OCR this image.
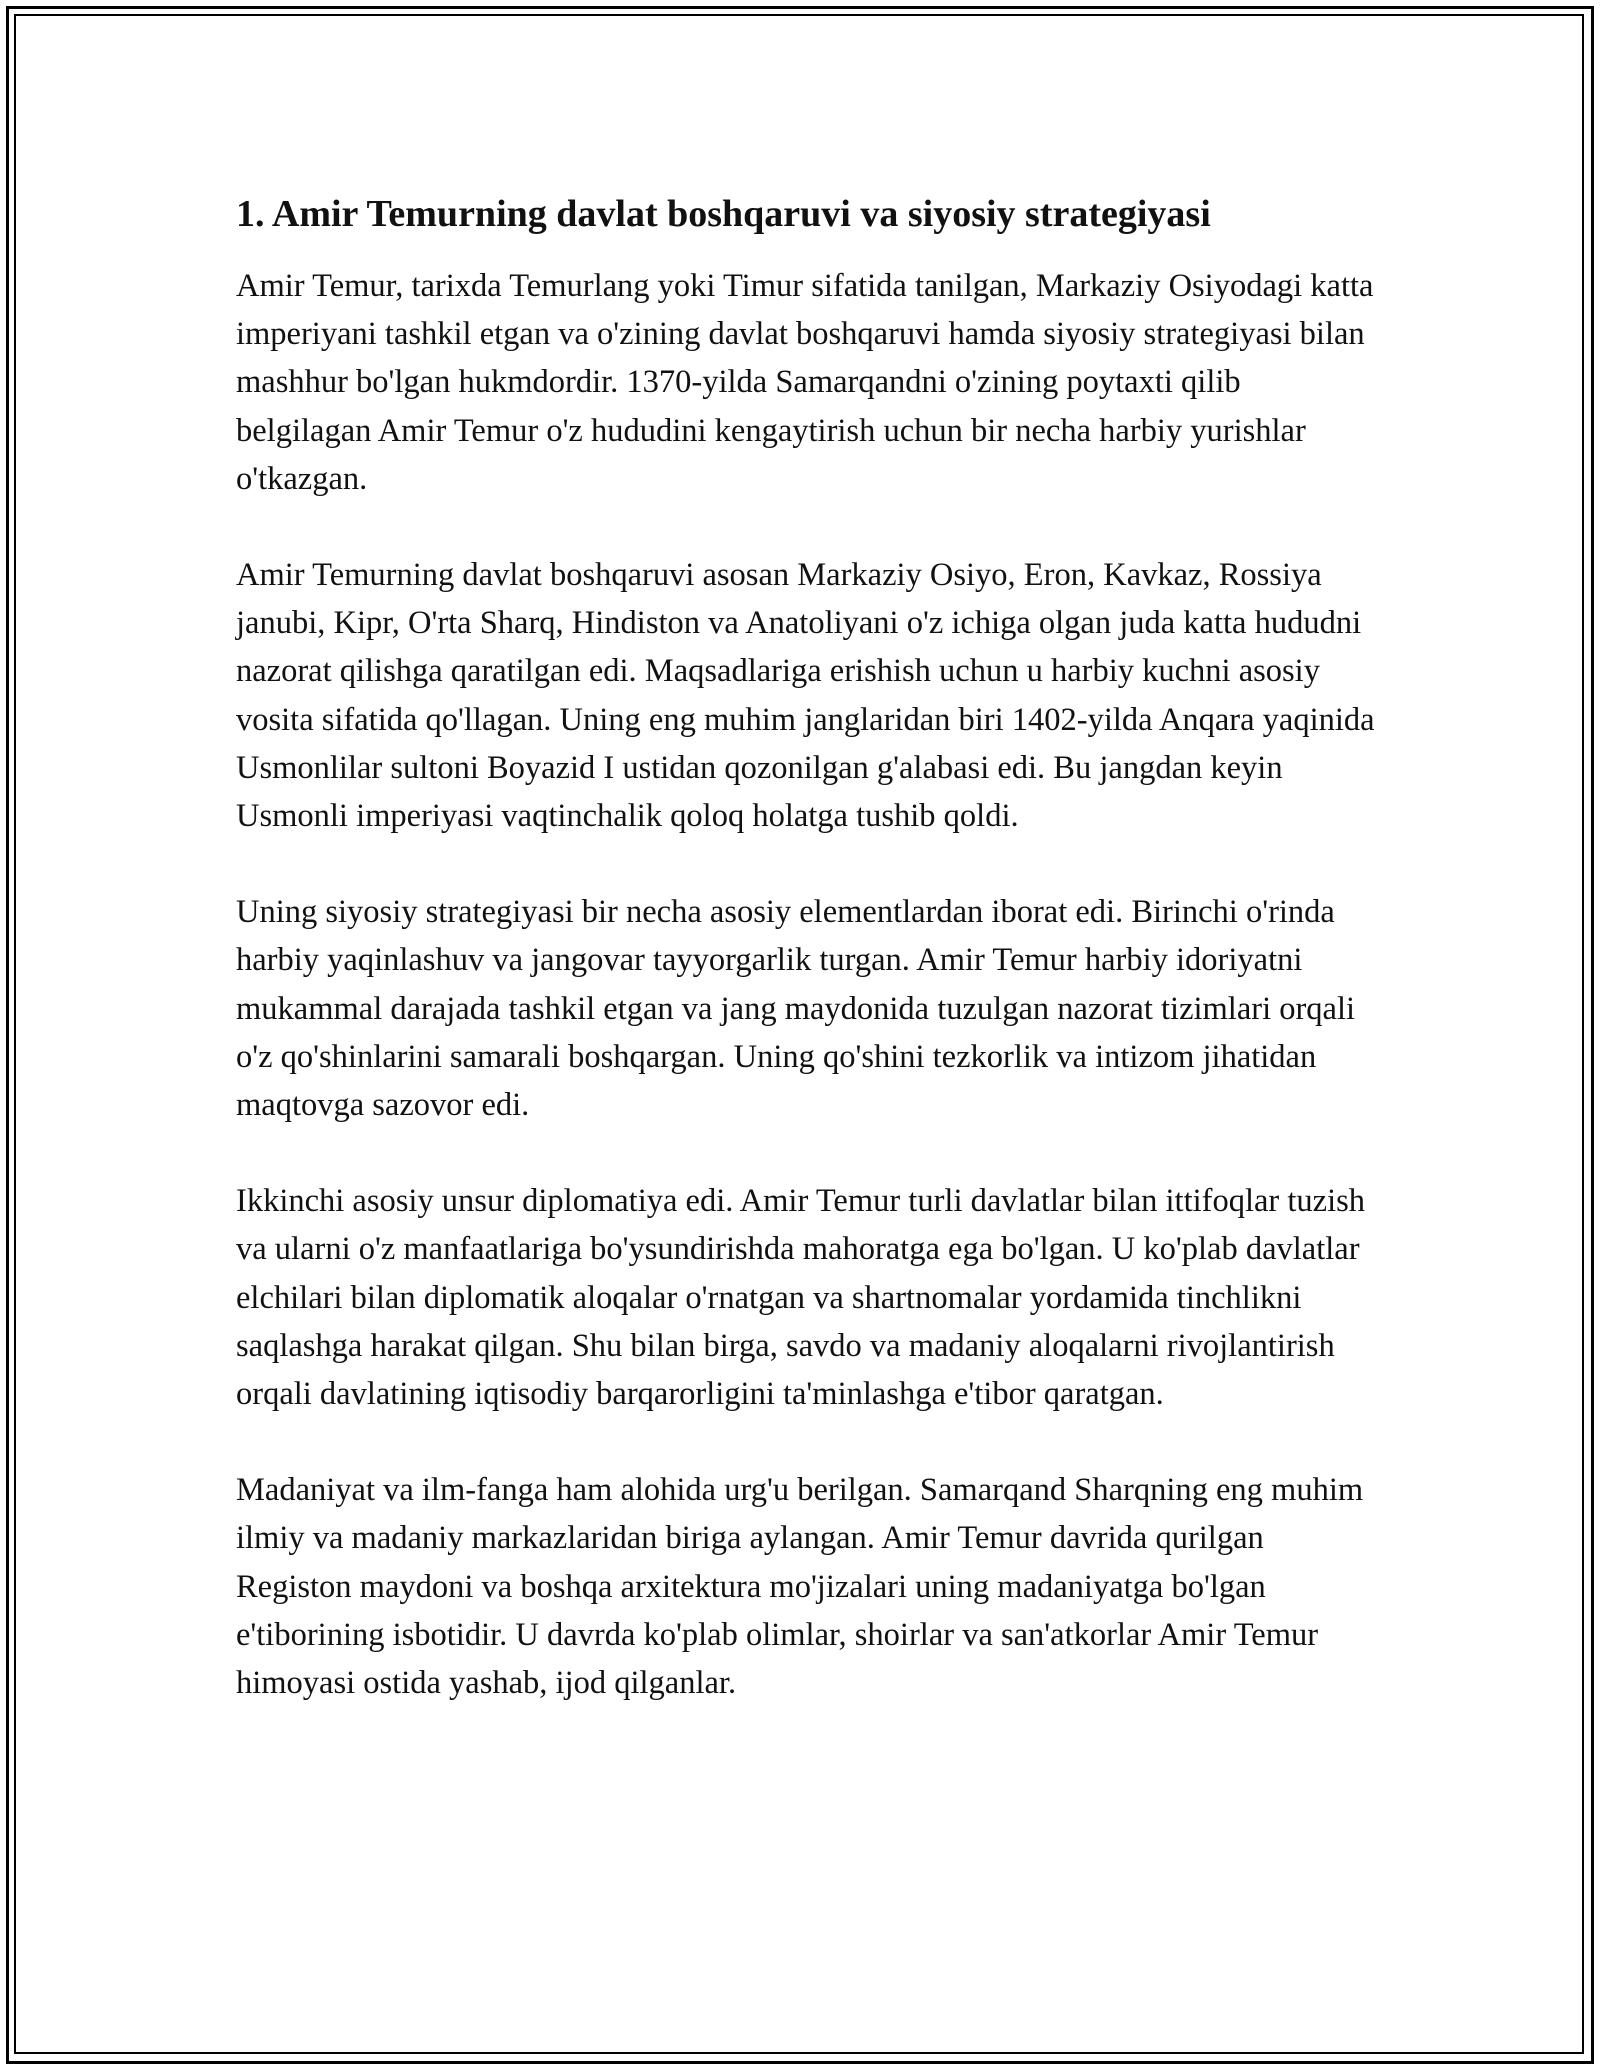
1. Amir Temurning davlat boshqaruvi va siyosiy strategiyasi

Amir Temur, tarixda Temurlang yoki Timur sifatida tanilgan, Markaziy Osiyodagi katta imperiyani tashkil etgan va o'zining davlat boshqaruvi hamda siyosiy strategiyasi bilan mashhur bo'lgan hukmdordir. 1370-yilda Samarqandni o'zining poytaxti qilib belgilagan Amir Temur o'z hududini kengaytirish uchun bir necha harbiy yurishlar o'tkazgan.

Amir Temurning davlat boshqaruvi asosan Markaziy Osiyo, Eron, Kavkaz, Rossiya janubi, Kipr, O'rta Sharq, Hindiston va Anatoliyani o'z ichiga olgan juda katta hududni nazorat qilishga qaratilgan edi. Maqsadlariga erishish uchun u harbiy kuchni asosiy vosita sifatida qo'llagan. Uning eng muhim janglaridan biri 1402-yilda Anqara yaqinida Usmonlilar sultoni Boyazid I ustidan qozonilgan g'alabasi edi. Bu jangdan keyin Usmonli imperiyasi vaqtinchalik qoloq holatga tushib qoldi.

Uning siyosiy strategiyasi bir necha asosiy elementlardan iborat edi. Birinchi o'rinda harbiy yaqinlashuv va jangovar tayyorgarlik turgan. Amir Temur harbiy idoriyatni mukammal darajada tashkil etgan va jang maydonida tuzulgan nazorat tizimlari orqali o'z qo'shinlarini samarali boshqargan. Uning qo'shini tezkorlik va intizom jihatidan maqtovga sazovor edi.

Ikkinchi asosiy unsur diplomatiya edi. Amir Temur turli davlatlar bilan ittifoqlar tuzish va ularni o'z manfaatlariga bo'ysundirishda mahoratga ega bo'lgan. U ko'plab davlatlar elchilari bilan diplomatik aloqalar o'rnatgan va shartnomalar yordamida tinchlikni saqlashga harakat qilgan. Shu bilan birga, savdo va madaniy aloqalarni rivojlantirish orqali davlatining iqtisodiy barqarorligini ta'minlashga e'tibor qaratgan.

Madaniyat va ilm-fanga ham alohida urg'u berilgan. Samarqand Sharqning eng muhim ilmiy va madaniy markazlaridan biriga aylangan. Amir Temur davrida qurilgan Registon maydoni va boshqa arxitektura mo'jizalari uning madaniyatga bo'lgan e'tiborining isbotidir. U davrda ko'plab olimlar, shoirlar va san'atkorlar Amir Temur himoyasi ostida yashab, ijod qilganlar.
